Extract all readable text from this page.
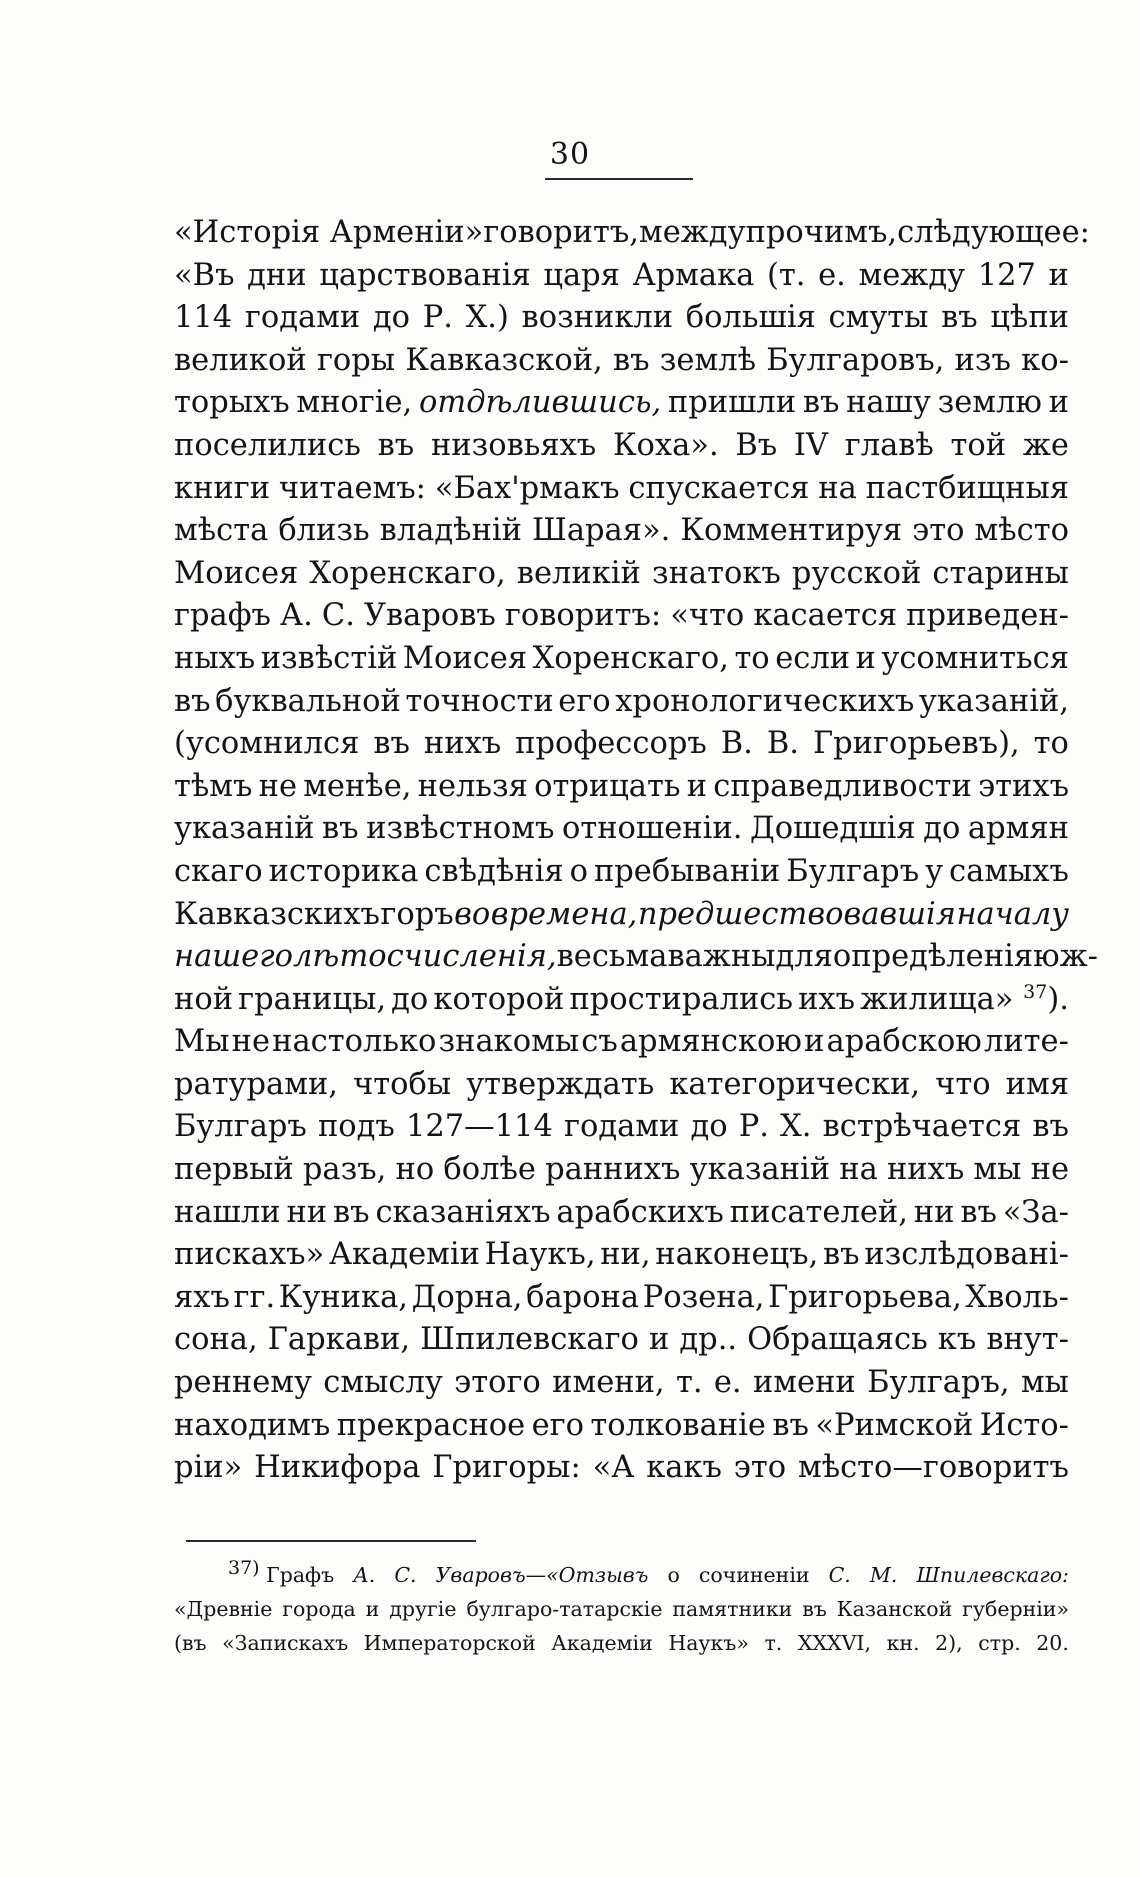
30
«Исторія Арменіи»говоритъ, между прочимъ, слѣдующее:
«Въ дни царствованія царя Армака (т. е. между 127 и
114 годами до Р. Х.) возникли большія смуты въ цѣпи
великой горы Кавказской, въ землѣ Булгаровъ, изъ ко-
торыхъ многіе, отдѣлившись, пришли въ нашу землю и
поселились въ низовьяхъ Коха». Въ IV главѣ той же
книги читаемъ: «Бах'рмакъ спускается на пастбищныя
мѣста близь владѣній Шарая». Комментируя это мѣсто
Моисея Хоренскаго, великій знатокъ русской старины
графъ А. С. Уваровъ говоритъ: «что касается приведен-
ныхъ извѣстій Моисея Хоренскаго, то если и усомниться
въ буквальной точности его хронологическихъ указаній,
(усомнился въ нихъ профессоръ В. В. Григорьевъ), то
тѣмъ не менѣе, нельзя отрицать и справедливости этихъ
указаній въ извѣстномъ отношеніи. Дошедшія до армян
скаго историка свѣдѣнія о пребываніи Булгаръ у самыхъ
Кавказскихъ горъ во времена, предшествовавшія началу
нашего лѣтосчисленія, весьма важны для опредѣленія юж-
ной границы, до которой простирались ихъ жилища» $^{37}$).
Мы не настолько знакомы съ армянскою и арабскою лите-
ратурами, чтобы утверждать категорически, что имя
Булгаръ подъ 127—114 годами до Р. Х. встрѣчается въ
первый разъ, но болѣе раннихъ указаній на нихъ мы не
нашли ни въ сказаніяхъ арабскихъ писателей, ни въ «За-
пискахъ» Академіи Наукъ, ни, наконецъ, въ изслѣдовані-
яхъ гг. Куника, Дорна, барона Розена, Григорьева, Хволь-
сона, Гаркави, Шпилевскаго и др.. Обращаясь къ внут-
реннему смыслу этого имени, т. е. имени Булгаръ, мы
находимъ прекрасное его толкованіе въ «Римской Исто-
ріи» Никифора Григоры: «А какъ это мѣсто—говоритъ
$^{37)}$ Графъ А. С. Уваровъ—«Отзывъ о сочиненіи С. М. Шпилевскаго:
«Древніе города и другіе булгаро-татарскіе памятники въ Казанской губерніи»
(въ «Запискахъ Императорской Академіи Наукъ» т. XXXVI, кн. 2), стр. 20.
